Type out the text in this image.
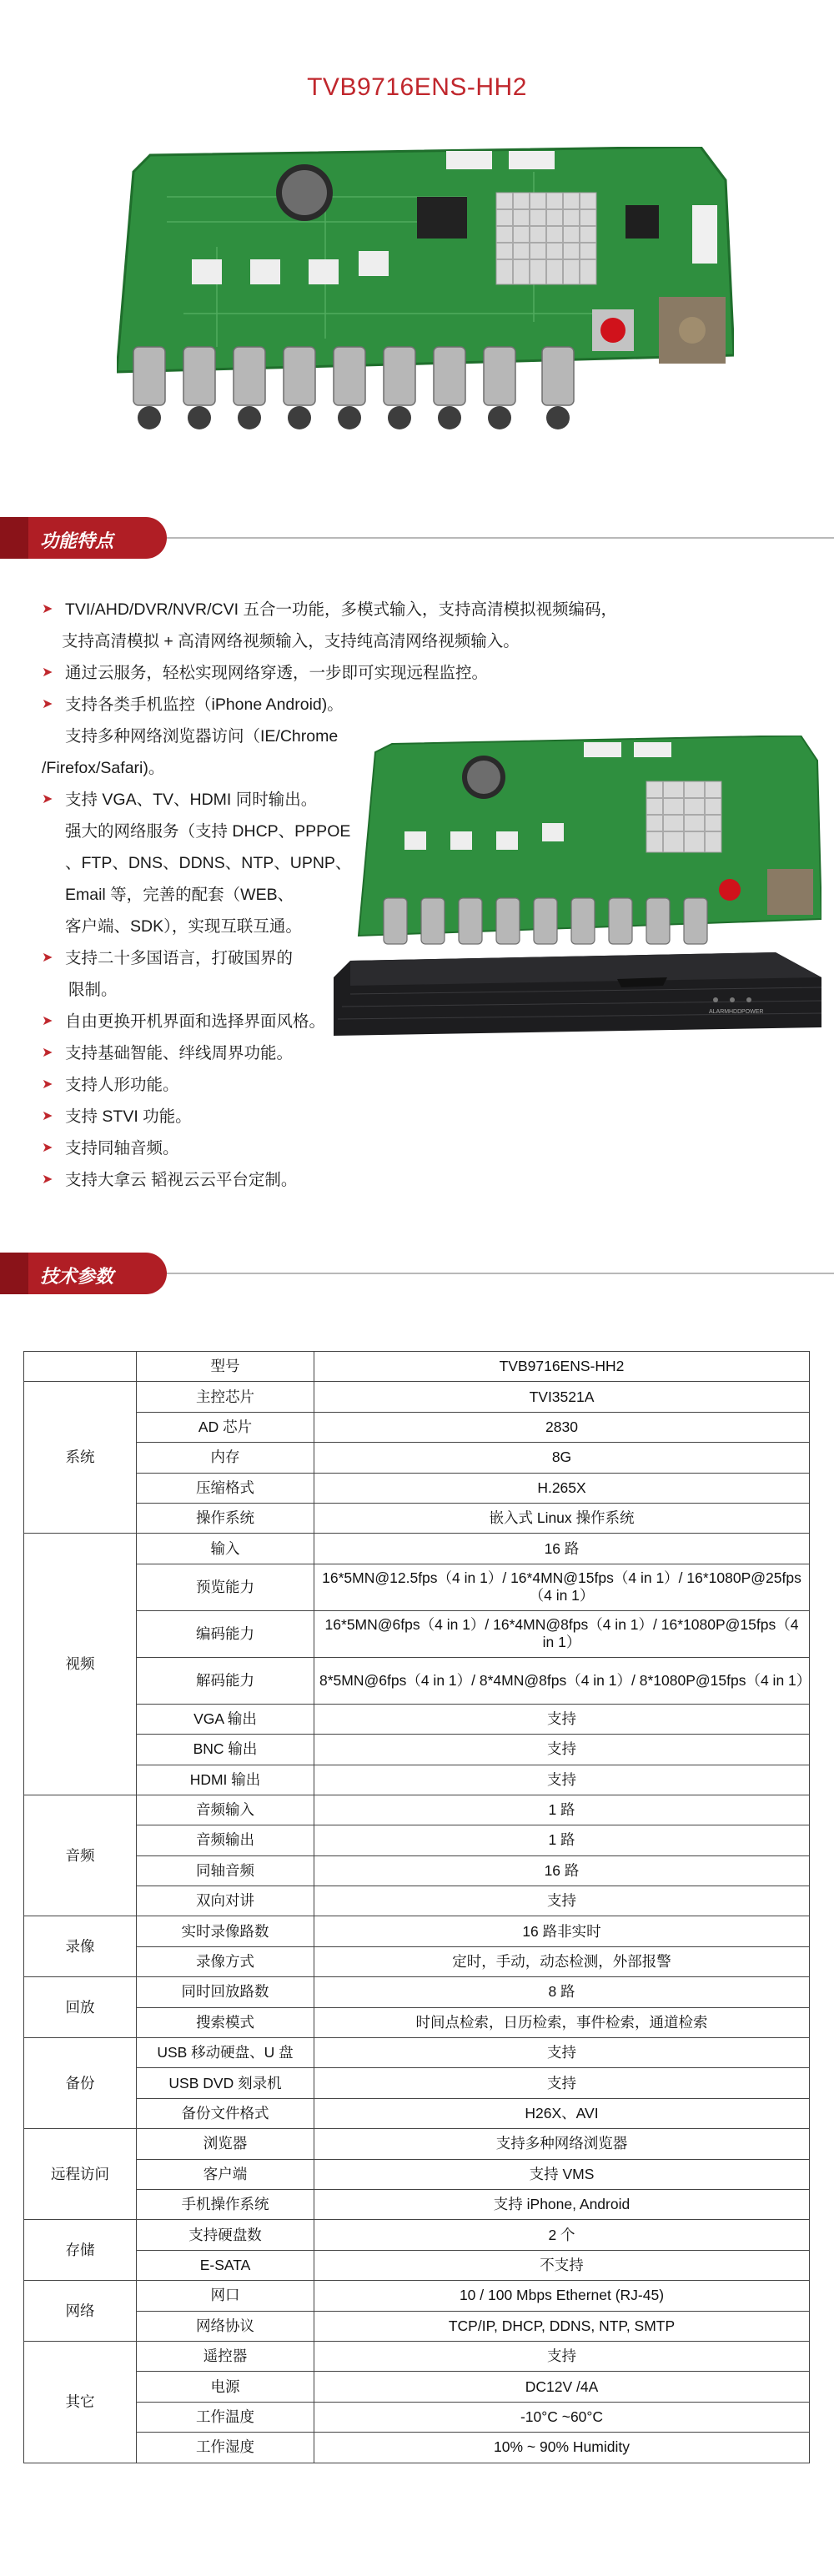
TVB9716ENS-HH2
功能特点
➤ TVI/AHD/DVR/NVR/CVI 五合一功能，多模式输入，支持高清模拟视频编码，
支持高清模拟 + 高清网络视频输入，支持纯高清网络视频输入。
➤ 通过云服务，轻松实现网络穿透，一步即可实现远程监控。
➤ 支持各类手机监控（iPhone Android)。
支持多种网络浏览器访问（IE/Chrome
/Firefox/Safari)。
➤ 支持 VGA、TV、HDMI 同时输出。
强大的网络服务（支持 DHCP、PPPOE
、FTP、DNS、DDNS、NTP、UPNP、
Email 等，完善的配套（WEB、
客户端、SDK），实现互联互通。
➤ 支持二十多国语言，打破国界的
限制。
➤ 自由更换开机界面和选择界面风格。
➤ 支持基础智能、绊线周界功能。
➤ 支持人形功能。
➤ 支持 STVI 功能。
➤ 支持同轴音频。
➤ 支持大拿云 韬视云云平台定制。
ALARM HDD POWER
技术参数
	型号	TVB9716ENS-HH2
系统	主控芯片	TVI3521A
	AD 芯片	2830
	内存	8G
	压缩格式	H.265X
	操作系统	嵌入式 Linux 操作系统
视频	输入	16 路
	预览能力	16*5MN@12.5fps（4 in 1）/ 16*4MN@15fps（4 in 1）/ 16*1080P@25fps（4 in 1）
	编码能力	16*5MN@6fps（4 in 1）/ 16*4MN@8fps（4 in 1）/ 16*1080P@15fps（4 in 1）
	解码能力	8*5MN@6fps（4 in 1）/ 8*4MN@8fps（4 in 1）/ 8*1080P@15fps（4 in 1）
	VGA 输出	支持
	BNC 输出	支持
	HDMI 输出	支持
音频	音频输入	1 路
	音频输出	1 路
	同轴音频	16 路
	双向对讲	支持
录像	实时录像路数	16 路非实时
	录像方式	定时，手动，动态检测，外部报警
回放	同时回放路数	8 路
	搜索模式	时间点检索，日历检索，事件检索，通道检索
备份	USB 移动硬盘、U 盘	支持
	USB DVD 刻录机	支持
	备份文件格式	H26X、AVI
远程访问	浏览器	支持多种网络浏览器
	客户端	支持 VMS
	手机操作系统	支持 iPhone, Android
存储	支持硬盘数	2 个
	E-SATA	不支持
网络	网口	10 / 100 Mbps Ethernet (RJ-45)
	网络协议	TCP/IP, DHCP, DDNS, NTP, SMTP
其它	遥控器	支持
	电源	DC12V /4A
	工作温度	-10°C ~60°C
	工作湿度	10% ~ 90% Humidity
